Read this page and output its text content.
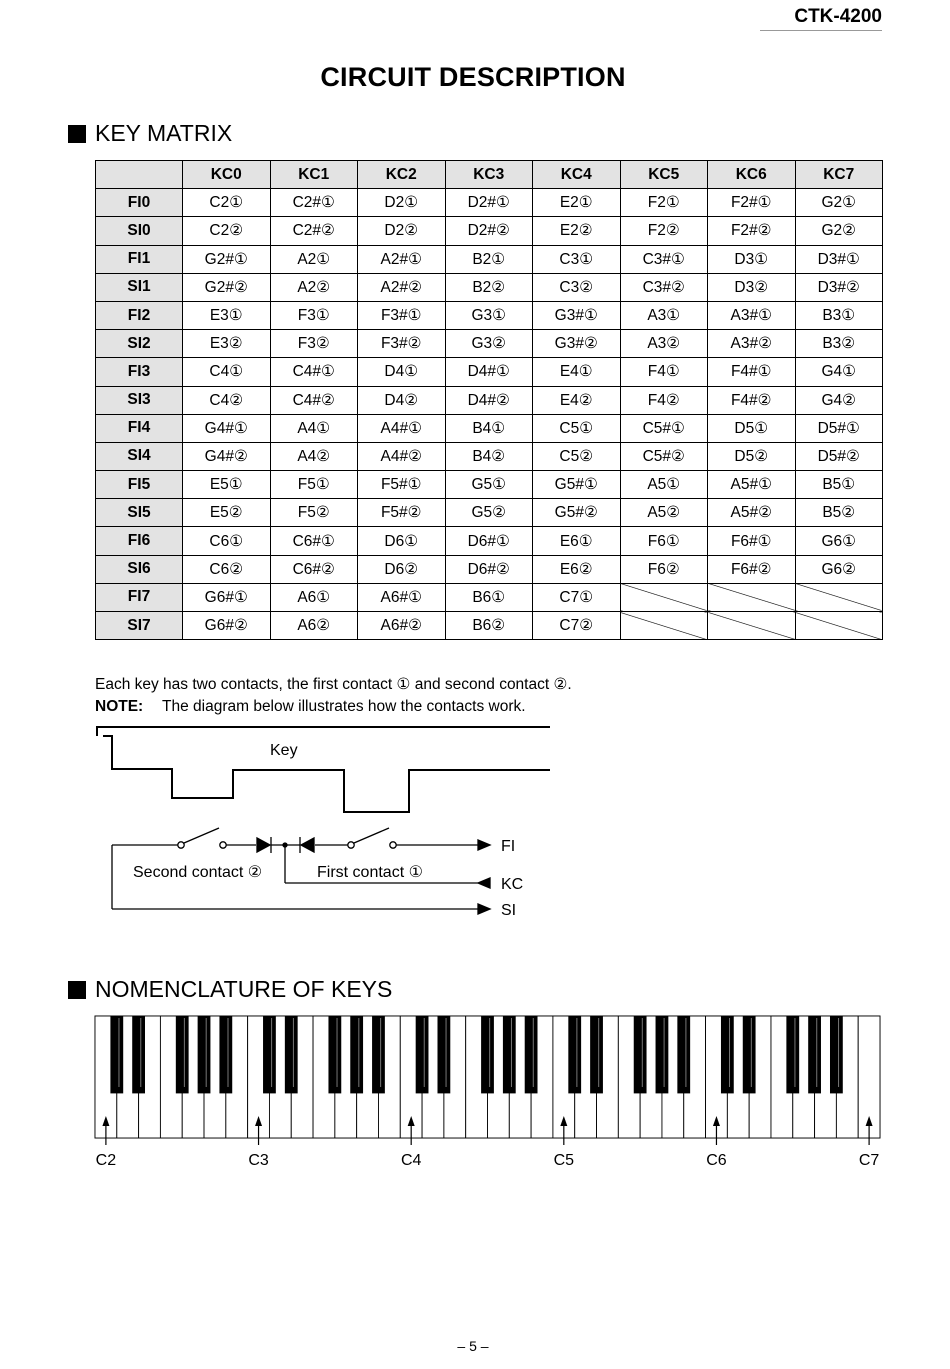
CTK-4200
CIRCUIT DESCRIPTION
KEY MATRIX
	KC0	KC1	KC2	KC3	KC4	KC5	KC6	KC7
FI0	C2①	C2#①	D2①	D2#①	E2①	F2①	F2#①	G2①
SI0	C2②	C2#②	D2②	D2#②	E2②	F2②	F2#②	G2②
FI1	G2#①	A2①	A2#①	B2①	C3①	C3#①	D3①	D3#①
SI1	G2#②	A2②	A2#②	B2②	C3②	C3#②	D3②	D3#②
FI2	E3①	F3①	F3#①	G3①	G3#①	A3①	A3#①	B3①
SI2	E3②	F3②	F3#②	G3②	G3#②	A3②	A3#②	B3②
FI3	C4①	C4#①	D4①	D4#①	E4①	F4①	F4#①	G4①
SI3	C4②	C4#②	D4②	D4#②	E4②	F4②	F4#②	G4②
FI4	G4#①	A4①	A4#①	B4①	C5①	C5#①	D5①	D5#①
SI4	G4#②	A4②	A4#②	B4②	C5②	C5#②	D5②	D5#②
FI5	E5①	F5①	F5#①	G5①	G5#①	A5①	A5#①	B5①
SI5	E5②	F5②	F5#②	G5②	G5#②	A5②	A5#②	B5②
FI6	C6①	C6#①	D6①	D6#①	E6①	F6①	F6#①	G6①
SI6	C6②	C6#②	D6②	D6#②	E6②	F6②	F6#②	G6②
FI7	G6#①	A6①	A6#①	B6①	C7①			
SI7	G6#②	A6②	A6#②	B6②	C7②			
Each key has two contacts, the first contact ① and second contact ②.
NOTE: The diagram below illustrates how the contacts work.
Key
Second contact ②	First contact ①
FI
KC
SI
C2	C3	C4	C5	C6	C7
NOMENCLATURE OF KEYS
– 5 –
